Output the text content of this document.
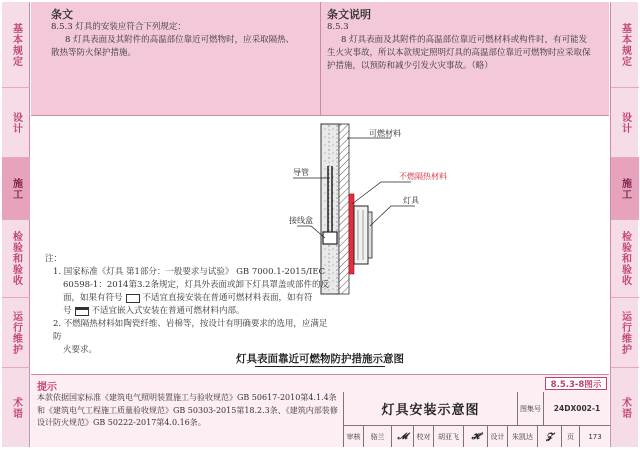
基本规定
设计
施工
检验和验收
运行维护
术语
基本规定
设计
施工
检验和验收
运行维护
术语
条文
8.5.3 灯具的安装应符合下列规定：
8 灯具表面及其附件的高温部位靠近可燃物时，应采取隔热、
散热等防火保护措施。
条文说明
8.5.3
8 灯具表面及其附件的高温部位靠近可燃材料或构件时，有可能发
生火灾事故，所以本款规定照明灯具的高温部位靠近可燃物时应采取保
护措施，以预防和减少引发火灾事故。（略）
可燃材料
不燃隔热材料
导管
灯具
接线盒
注：
1. 国家标准《灯具 第1部分：一般要求与试验》 GB 7000.1-2015/IEC
60598-1：2014第3.2条规定，灯具外表面或卸下灯具罩盖或部件的反
面，如果有符号 不适宜直接安装在普通可燃材料表面，如有符
号 不适宜嵌入式安装在普通可燃材料内部。
2. 不燃隔热材料如陶瓷纤维、岩棉等，按设计有明确要求的选用，应满足防
火要求。
灯具表面靠近可燃物防护措施示意图
提示
本款依据国家标准《建筑电气照明装置施工与验收规范》GB 50617-2010第4.1.4条
和《建筑电气工程施工质量验收规范》GB 50303-2015第18.2.3条、《建筑内部装修
设计防火规范》GB 50222-2017第4.0.16条。
8.5.3-8图示
灯具安装示意图	图集号	24DX002-1
审核	骆兰	𝓜	校对	胡亚飞	𝓗	设计	朱凯达	𝓩	页	173
